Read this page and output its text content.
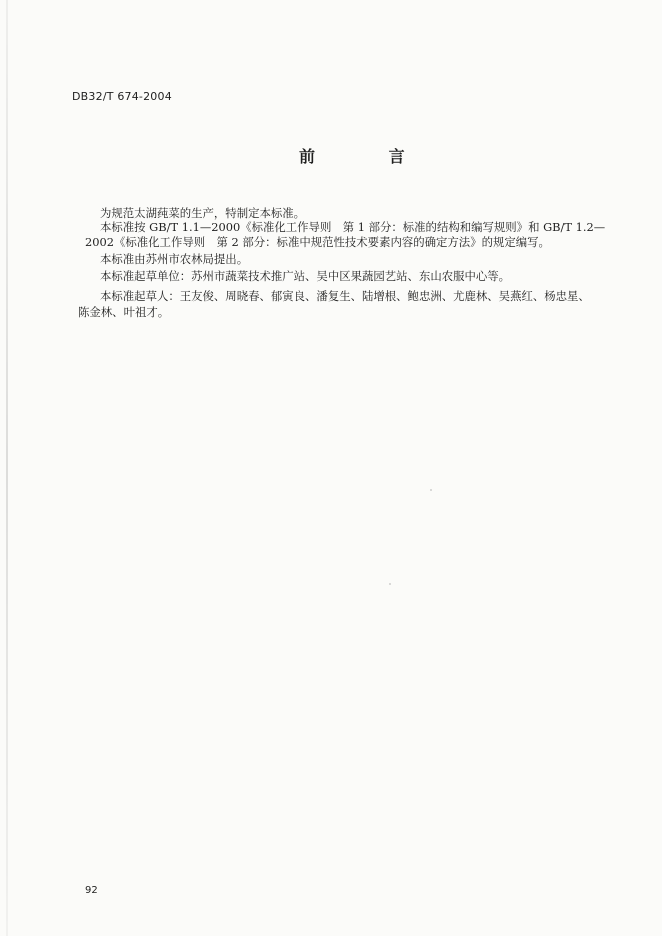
DB32/T 674-2004
前 言
为规范太湖莼菜的生产，特制定本标准。
本标准按 GB/T 1.1—2000《标准化工作导则　第 1 部分：标准的结构和编写规则》和 GB/T 1.2—
2002《标准化工作导则　第 2 部分：标准中规范性技术要素内容的确定方法》的规定编写。
本标准由苏州市农林局提出。
本标准起草单位：苏州市蔬菜技术推广站、吴中区果蔬园艺站、东山农服中心等。
本标准起草人：王友俊、周晓春、郁寅良、潘复生、陆增根、鲍忠洲、尤鹿林、吴燕红、杨忠星、
陈金林、叶祖才。
92
